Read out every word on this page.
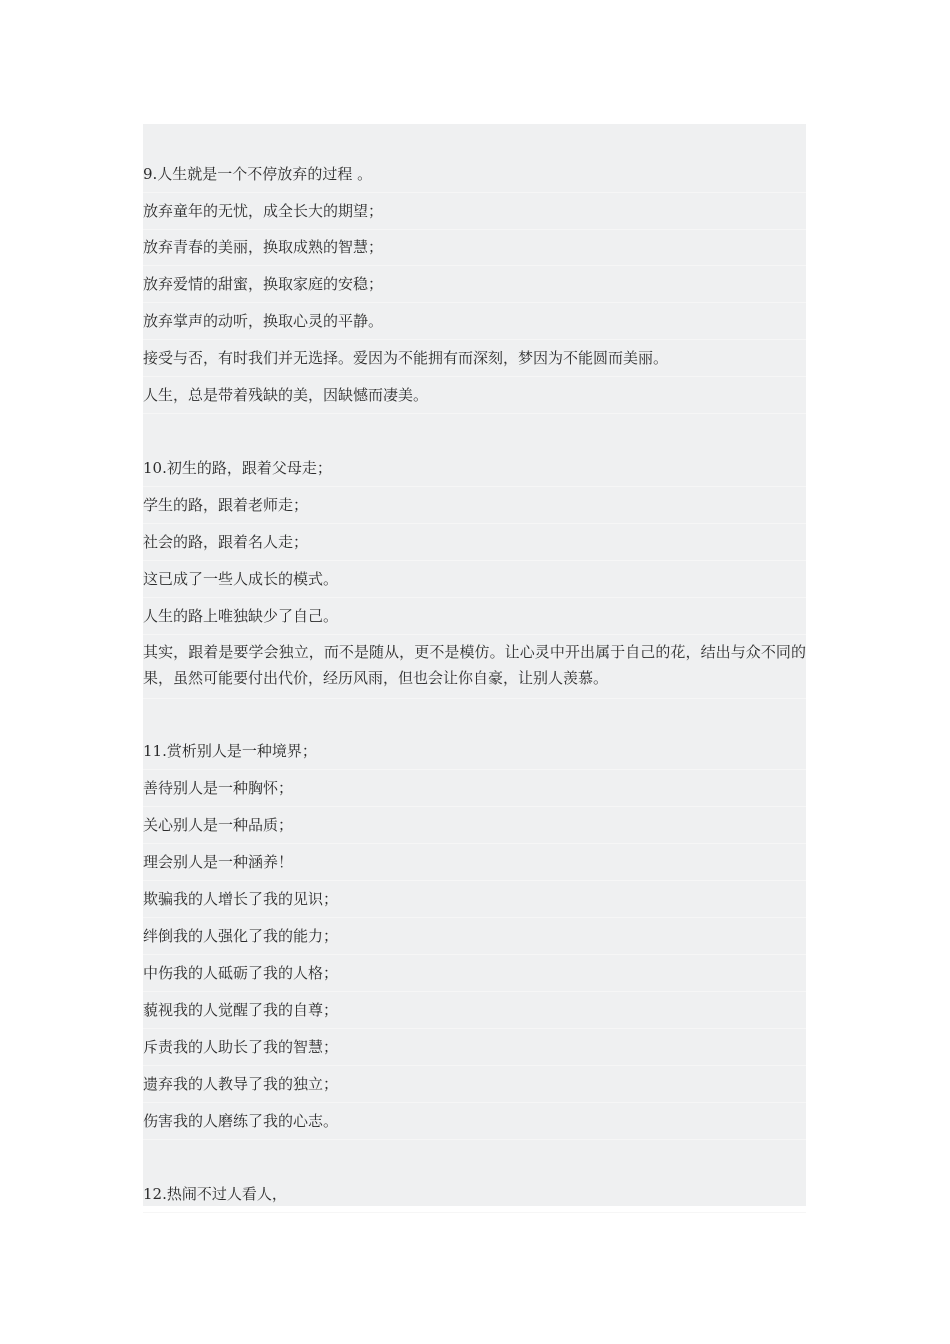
9.人生就是一个不停放弃的过程 。
放弃童年的无忧，成全长大的期望；
放弃青春的美丽，换取成熟的智慧；
放弃爱情的甜蜜，换取家庭的安稳；
放弃掌声的动听，换取心灵的平静。
接受与否，有时我们并无选择。爱因为不能拥有而深刻，梦因为不能圆而美丽。
人生，总是带着残缺的美，因缺憾而凄美。
10.初生的路，跟着父母走；
学生的路，跟着老师走；
社会的路，跟着名人走；
这已成了一些人成长的模式。
人生的路上唯独缺少了自己。
其实，跟着是要学会独立，而不是随从，更不是模仿。让心灵中开出属于自己的花，结出与众不同的果，虽然可能要付出代价，经历风雨，但也会让你自豪，让别人羡慕。
11.赏析别人是一种境界；
善待别人是一种胸怀；
关心别人是一种品质；
理会别人是一种涵养！
欺骗我的人增长了我的见识；
绊倒我的人强化了我的能力；
中伤我的人砥砺了我的人格；
藐视我的人觉醒了我的自尊；
斥责我的人助长了我的智慧；
遗弃我的人教导了我的独立；
伤害我的人磨练了我的心志。
12.热闹不过人看人，
